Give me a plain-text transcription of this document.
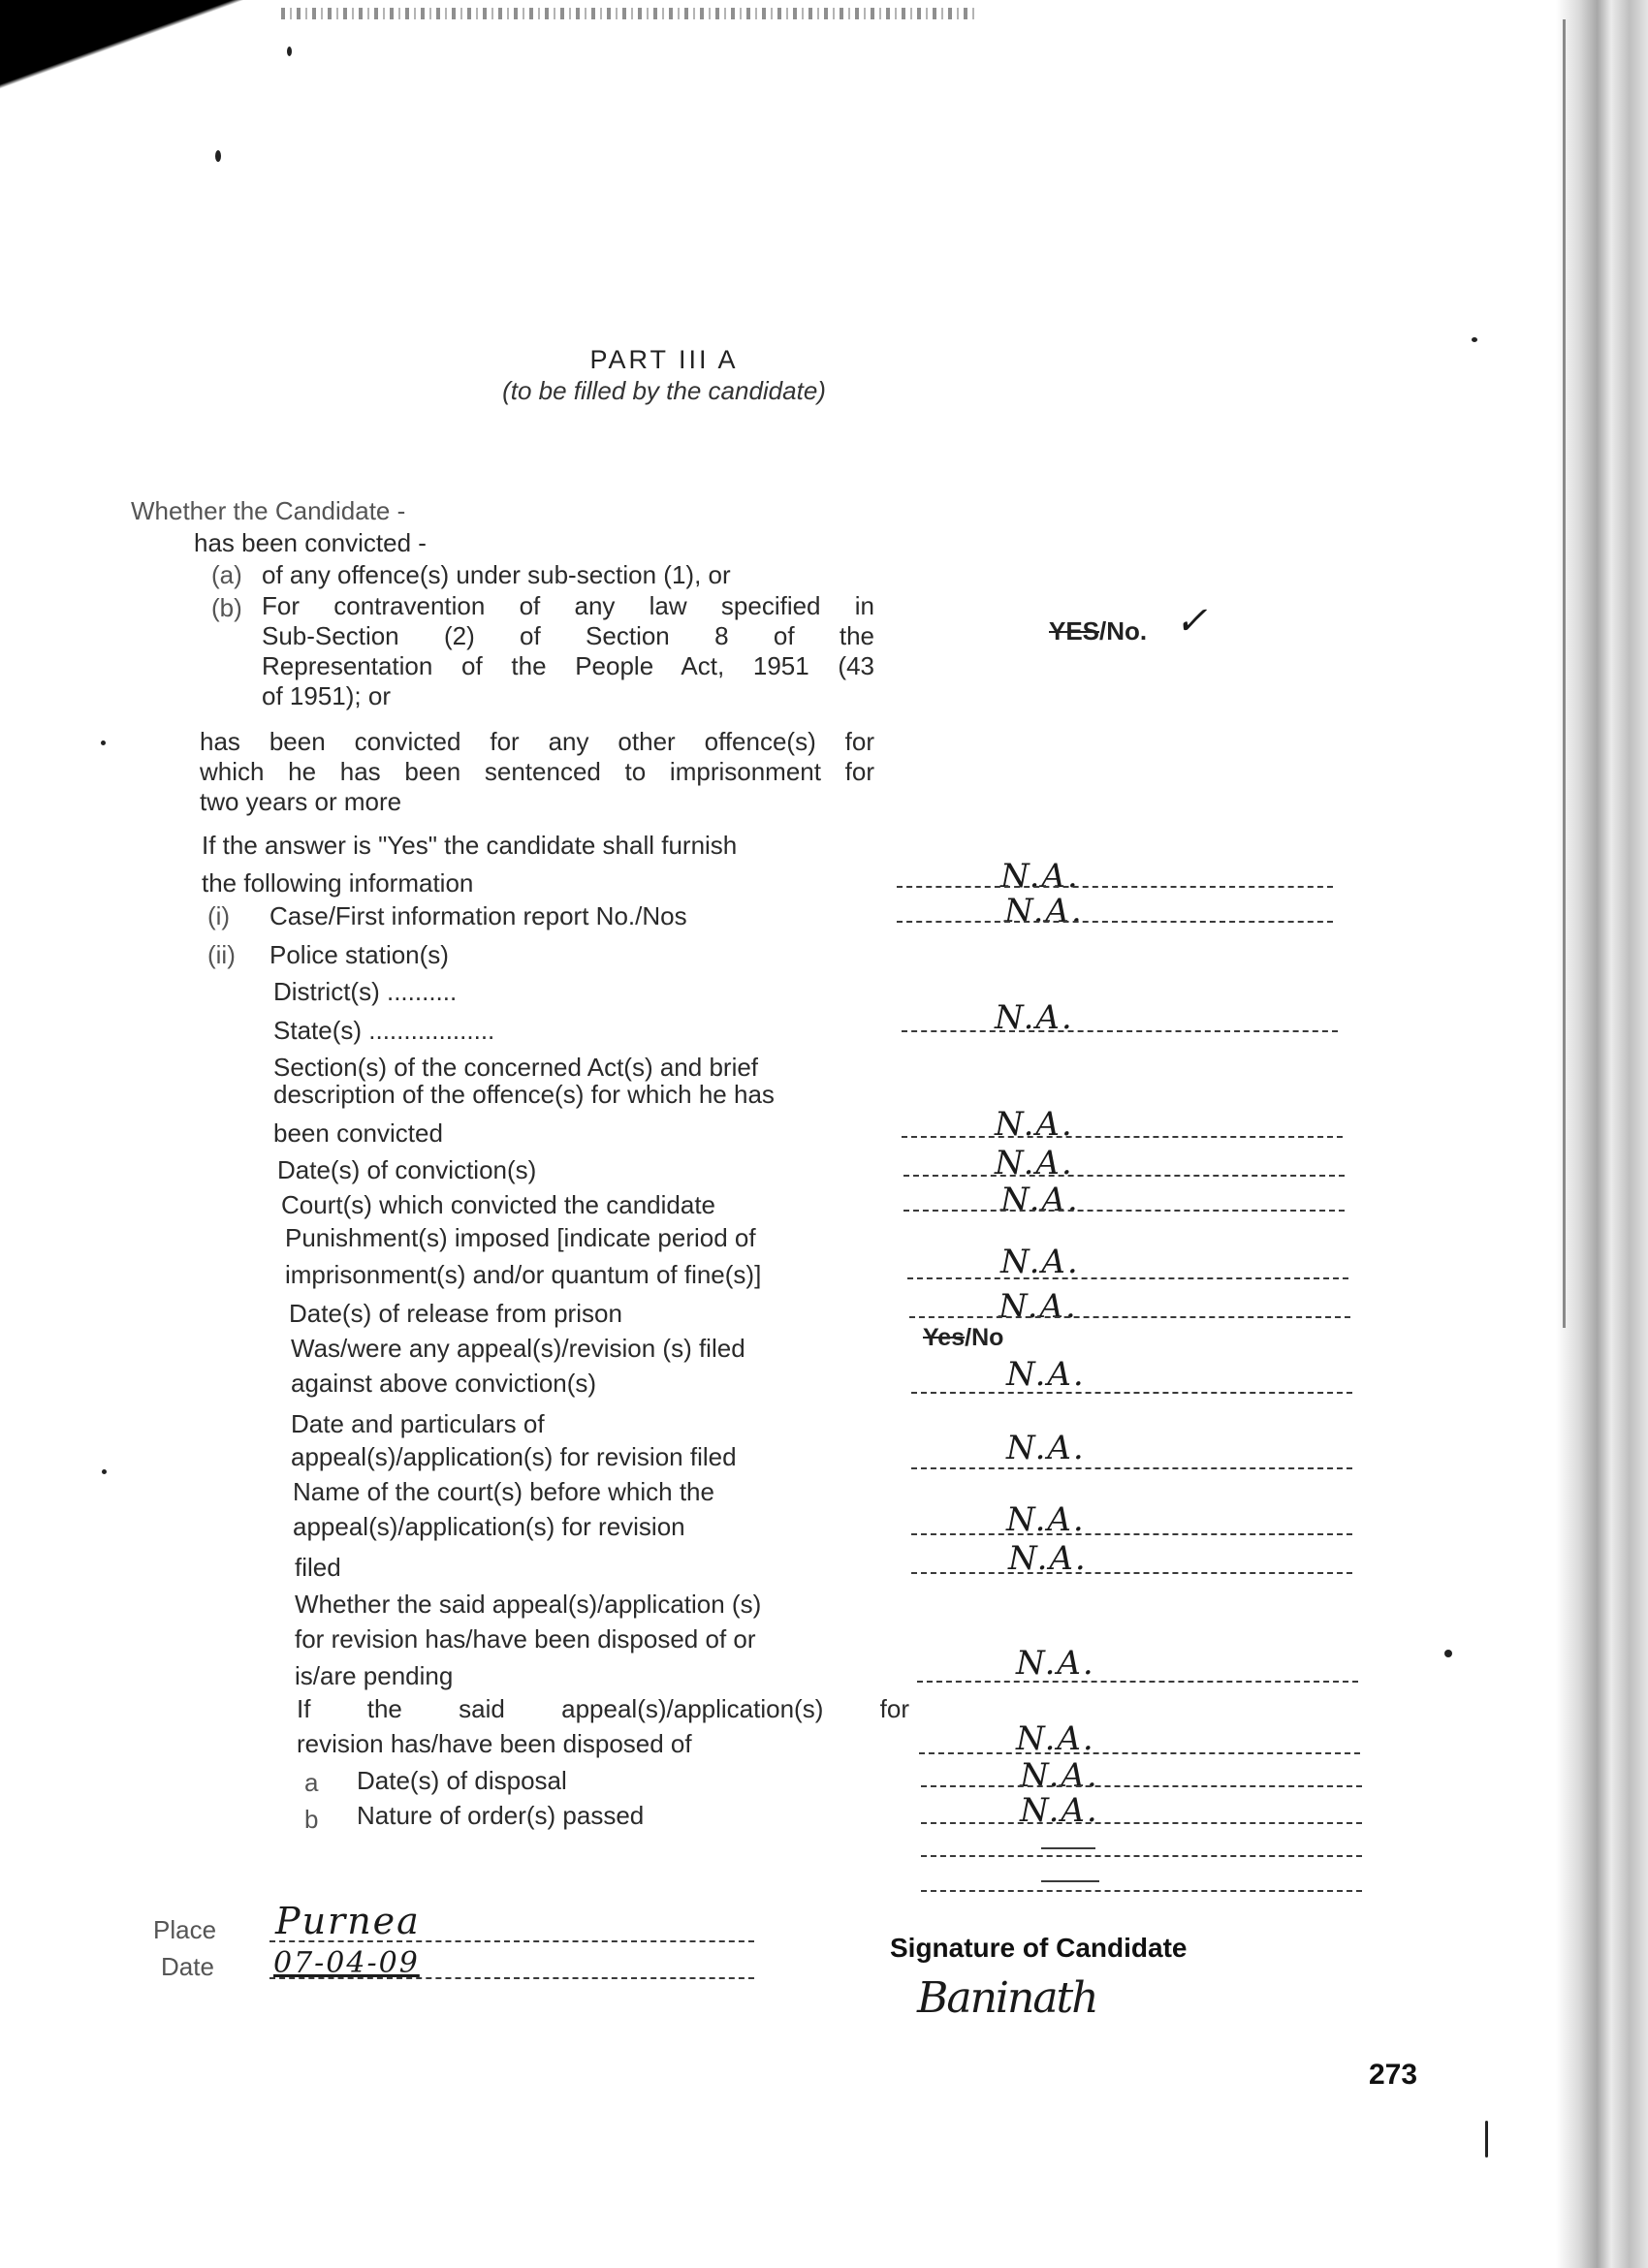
PART III A
(to be filled by the candidate)
Whether the Candidate -
has been convicted -
(a) of any offence(s) under sub-section (1), or
(b) For contravention of any law specified in
Sub-Section (2) of Section 8 of the
Representation of the People Act, 1951 (43
of 1951); or
YES/No. ✓
has been convicted for any other offence(s) for
which he has been sentenced to imprisonment for
two years or more
If the answer is "Yes" the candidate shall furnish
the following information	N.A.
(i) Case/First information report No./Nos	N.A.
(ii) Police station(s)
District(s) ..........
State(s) ..................	N.A.
Section(s) of the concerned Act(s) and brief
description of the offence(s) for which he has
been convicted	N.A.
Date(s) of conviction(s)	N.A.
Court(s) which convicted the candidate	N.A.
Punishment(s) imposed [indicate period of
imprisonment(s) and/or quantum of fine(s)]	N.A.
Date(s) of release from prison	N.A.
Was/were any appeal(s)/revision (s) filed	Yes/No
against above conviction(s)	N.A.
Date and particulars of
appeal(s)/application(s) for revision filed	N.A.
Name of the court(s) before which the
appeal(s)/application(s) for revision	N.A.
filed	N.A.
Whether the said appeal(s)/application (s)
for revision has/have been disposed of or
is/are pending	N.A.
If the said appeal(s)/application(s) for
revision has/have been disposed of	N.A.
a Date(s) of disposal	N.A.
b Nature of order(s) passed	N.A.
Place Purnea
Date 07-04-09	Signature of Candidate
Baninath
273
